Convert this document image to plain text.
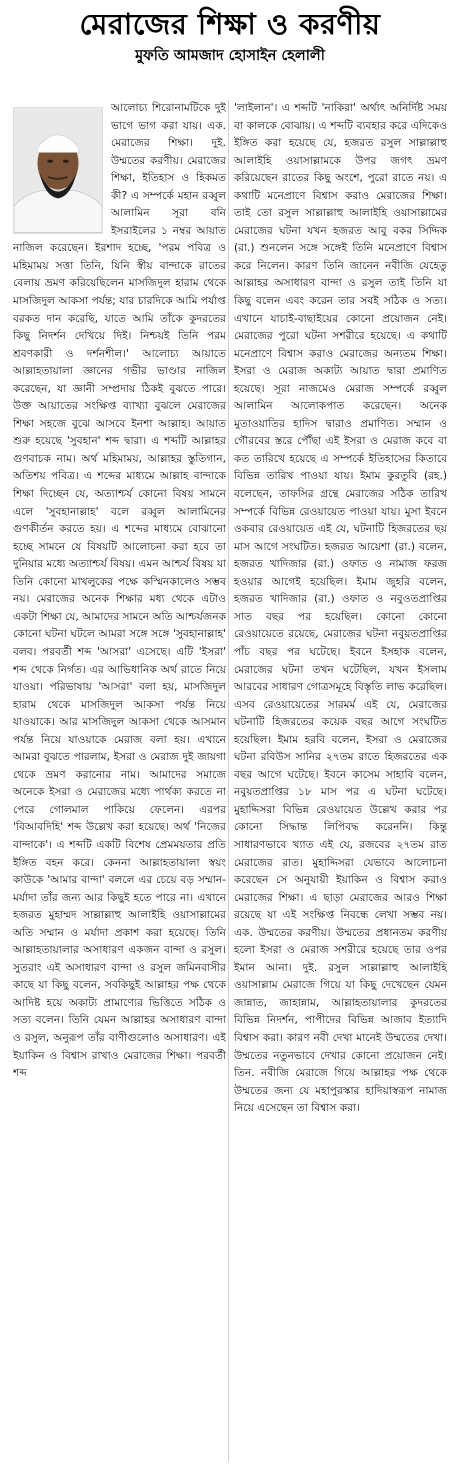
মেরাজের শিক্ষা ও করণীয়
মুফতি আমজাদ হোসাইন হেলালী

আলোচ্য শিরোনামটিকে দুই ভাগে ভাগ করা যায়। এক. মেরাজের শিক্ষা। দুই. উম্মতের করণীয়। মেরাজের শিক্ষা, ইতিহাস ও হিকমত কী? এ সম্পর্কে মহান রব্বুল আলামিন সূরা বনি ইসরাইলের ১ নম্বর আয়াত নাজিল করেছেন। ইরশাদ হচ্ছে, 'পরম পবিত্র ও মহিমাময় সত্তা তিনি, যিনি স্বীয় বান্দাকে রাতের বেলায় ভ্রমণ করিয়েছিলেন মাসজিদুল হারাম থেকে মাসজিদুল আকসা পর্যন্ত; যার চারদিকে আমি পর্যাপ্ত বরকত দান করেছি, যাতে আমি তাঁকে কুদরতের কিছু নিদর্শন দেখিয়ে দিই। নিশ্চয়ই তিনি পরম শ্রবণকারী ও দর্শনশীল।' আলোচ্য আয়াতে আল্লাহতায়ালা জ্ঞানের গভীর ভাণ্ডার নাজিল করেছেন, যা জ্ঞানী সম্প্রদায় ঠিকই বুঝতে পারে। উক্ত আয়াতের সংক্ষিপ্ত ব্যাখ্যা বুঝলে মেরাজের শিক্ষা সহজে বুঝে আসবে ইনশা আল্লাহ। আয়াত শুরু হয়েছে 'সুবহান' শব্দ দ্বারা। এ শব্দটি আল্লাহর গুণবাচক নাম। অর্থ মহিমাময়, আল্লাহর স্তুতিগান, অতিশয় পবিত্র। এ শব্দের মাধ্যমে আল্লাহ বান্দাকে শিক্ষা দিচ্ছেন যে, অত্যাশ্চর্য কোনো বিষয় সামনে এলে 'সুবহানাল্লাহ' বলে রব্বুল আলামিনের গুণকীর্তন করতে হয়। এ শব্দের মাধ্যমে বোঝানো হচ্ছে সামনে যে বিষয়টি আলোচনা করা হবে তা দুনিয়ার মধ্যে অত্যাশ্চর্য বিষয়। এমন আশ্চর্য বিষয় যা তিনি কোনো মাখলুকের পক্ষে কস্মিনকালেও সম্ভব নয়। মেরাজের অনেক শিক্ষার মধ্য থেকে এটাও একটা শিক্ষা যে, আমাদের সামনে অতি আশ্চর্যজনক কোনো ঘটনা ঘটলে আমরা সঙ্গে সঙ্গে 'সুবহানাল্লাহ' বলব। পরবর্তী শব্দ 'আসরা' এসেছে। এটি 'ইসরা' শব্দ থেকে নির্গত। এর আভিধানিক অর্থ রাতে নিয়ে যাওয়া। পরিভাষায় 'আসরা' বলা হয়, মাসজিদুল হারাম থেকে মাসজিদুল আকসা পর্যন্ত নিয়ে যাওয়াকে। আর মাসজিদুল আকসা থেকে আসমান পর্যন্ত নিয়ে যাওয়াকে মেরাজ বলা হয়। এখানে আমরা বুঝতে পারলাম, ইসরা ও মেরাজ দুই জায়গা থেকে ভ্রমণ করানোর নাম। আমাদের সমাজে অনেকে ইসরা ও মেরাজের মধ্যে পার্থক্য করতে না পেরে গোলমাল পাকিয়ে ফেলেন। এরপর 'বিআবদিহি' শব্দ উল্লেখ করা হয়েছে। অর্থ 'নিজের বান্দাকে'। এ শব্দটি একটি বিশেষ প্রেমময়তার প্রতি ইঙ্গিত বহন করে। কেননা আল্লাহতায়ালা স্বয়ং কাউকে 'আমার বান্দা' বললে এর চেয়ে বড় সম্মান-মর্যাদা তাঁর জন্য আর কিছুই হতে পারে না। এখানে হজরত মুহাম্মদ সাল্লাল্লাহু আলাইহি ওয়াসাল্লামের অতি সম্মান ও মর্যাদা প্রকাশ করা হয়েছে। তিনি আল্লাহতায়ালার অসাধারণ একজন বান্দা ও রসুল। সুতরাং এই অসাধারণ বান্দা ও রসুল জমিনবাসীর কাছে যা কিছু বলেন, সবকিছুই আল্লাহর পক্ষ থেকে আদিষ্ট হয়ে অকাট্য প্রামাণ্যের ভিত্তিতে সঠিক ও সত্য বলেন। তিনি যেমন আল্লাহর অসাধারণ বান্দা ও রসুল, অনুরূপ তাঁর বাণীগুলোও অসাধারণ। এই ইয়াকিন ও বিশ্বাস রাখাও মেরাজের শিক্ষা। পরবর্তী শব্দ

'লাইলান'। এ শব্দটি 'নাকিরা' অর্থাৎ অনির্দিষ্ট সময় বা কালকে বোঝায়। এ শব্দটি ব্যবহার করে এদিকেও ইঙ্গিত করা হয়েছে যে, হজরত রসুল সাল্লাল্লাহু আলাইহি ওয়াসাল্লামকে উপর জগৎ ভ্রমণ করিয়েছেন রাতের কিছু অংশে, পুরো রাতে নয়। এ কথাটি মনেপ্রাণে বিশ্বাস করাও মেরাজের শিক্ষা। তাই তো রসুল সাল্লাল্লাহু আলাইহি ওয়াসাল্লামের মেরাজের ঘটনা যখন হজরত আবু বকর সিদ্দিক (রা.) শুনলেন সঙ্গে সঙ্গেই তিনি মনেপ্রাণে বিশ্বাস করে নিলেন। কারণ তিনি জানেন নবীজি যেহেতু আল্লাহর অসাধারণ বান্দা ও রসুল তাই তিনি যা কিছু বলেন এবং করেন তার সবই সঠিক ও সত্য। এখানে যাচাই-বাছাইয়ের কোনো প্রয়োজন নেই। মেরাজের পুরো ঘটনা সশরীরে হয়েছে। এ কথাটি মনেপ্রাণে বিশ্বাস করাও মেরাজের অন্যতম শিক্ষা। ইসরা ও মেরাজ অকাট্য আয়াত দ্বারা প্রমাণিত হয়েছে। সূরা নাজমেও মেরাজ সম্পর্কে রব্বুল আলামিন আলোকপাত করেছেন। অনেক মুতাওয়াতির হাদিস দ্বারাও প্রমাণিত। সম্মান ও গৌরবের স্তরে পৌঁছা এই ইসরা ও মেরাজ কবে বা কত তারিখে হয়েছে এ সম্পর্কে ইতিহাসের কিতাবে বিভিন্ন তারিখ পাওয়া যায়। ইমাম কুরতুবি (রহ.) বলেছেন, তাফসির গ্রন্থে মেরাজের সঠিক তারিখ সম্পর্কে বিভিন্ন রেওয়ায়েত পাওয়া যায়। মুসা ইবনে ওকবার রেওয়ায়েত এই যে, ঘটনাটি হিজরতের ছয় মাস আগে সংঘটিত। হজরত আয়েশা (রা.) বলেন, হজরত খাদিজার (রা.) ওফাত ও নামাজ ফরজ হওয়ার আগেই হয়েছিল। ইমাম জুহরি বলেন, হজরত খাদিজার (রা.) ওফাত ও নবুওতপ্রাপ্তির সাত বছর পর হয়েছিল। কোনো কোনো রেওয়ায়েতে রয়েছে, মেরাজের ঘটনা নবুয়তপ্রাপ্তির পাঁচ বছর পর ঘটেছে। ইবনে ইসহাক বলেন, মেরাজের ঘটনা তখন ঘটেছিল, যখন ইসলাম আরবের সাধারণ গোত্রসমূহে বিস্তৃতি লাভ করেছিল। এসব রেওয়ায়েতের সারমর্ম এই যে, মেরাজের ঘটনাটি হিজরতের কয়েক বছর আগে সংঘটিত হয়েছিল। ইমাম হরবি বলেন, ইসরা ও মেরাজের ঘটনা রবিউস সানির ২৭তম রাতে হিজরতের এক বছর আগে ঘটেছে। ইবনে কাসেম সাহাবি বলেন, নবুয়তপ্রাপ্তির ১৮ মাস পর এ ঘটনা ঘটেছে। মুহাদ্দিসরা বিভিন্ন রেওয়ায়েত উল্লেখ করার পর কোনো সিদ্ধান্ত লিপিবদ্ধ করেননি। কিন্তু সাধারণভাবে খ্যাত এই যে, রজবের ২৭তম রাত মেরাজের রাত। মুহাদ্দিসরা যেভাবে আলোচনা করেছেন সে অনুযায়ী ইয়াকিন ও বিশ্বাস করাও মেরাজের শিক্ষা। এ ছাড়া মেরাজের আরও শিক্ষা রয়েছে যা এই সংক্ষিপ্ত নিবন্ধে লেখা সম্ভব নয়। এক. উম্মতের করণীয়। উম্মতের প্রধানতম করণীয় হলো ইসরা ও মেরাজ সশরীরে হয়েছে তার ওপর ইমান আনা। দুই. রসুল সাল্লাল্লাহু আলাইহি ওয়াসাল্লাম মেরাজে গিয়ে যা কিছু দেখেছেন যেমন জান্নাত, জাহান্নাম, আল্লাহতায়ালার কুদরতের বিভিন্ন নিদর্শন, পাপীদের বিভিন্ন আজাব ইত্যাদি বিশ্বাস করা। কারণ নবী দেখা মানেই উম্মতের দেখা। উম্মতের নতুনভাবে দেখার কোনো প্রয়োজন নেই। তিন. নবীজি মেরাজে গিয়ে আল্লাহর পক্ষ থেকে উম্মতের জন্য যে মহাপুরস্কার হাদিয়াস্বরূপ নামাজ নিয়ে এসেছেন তা বিশ্বাস করা।
